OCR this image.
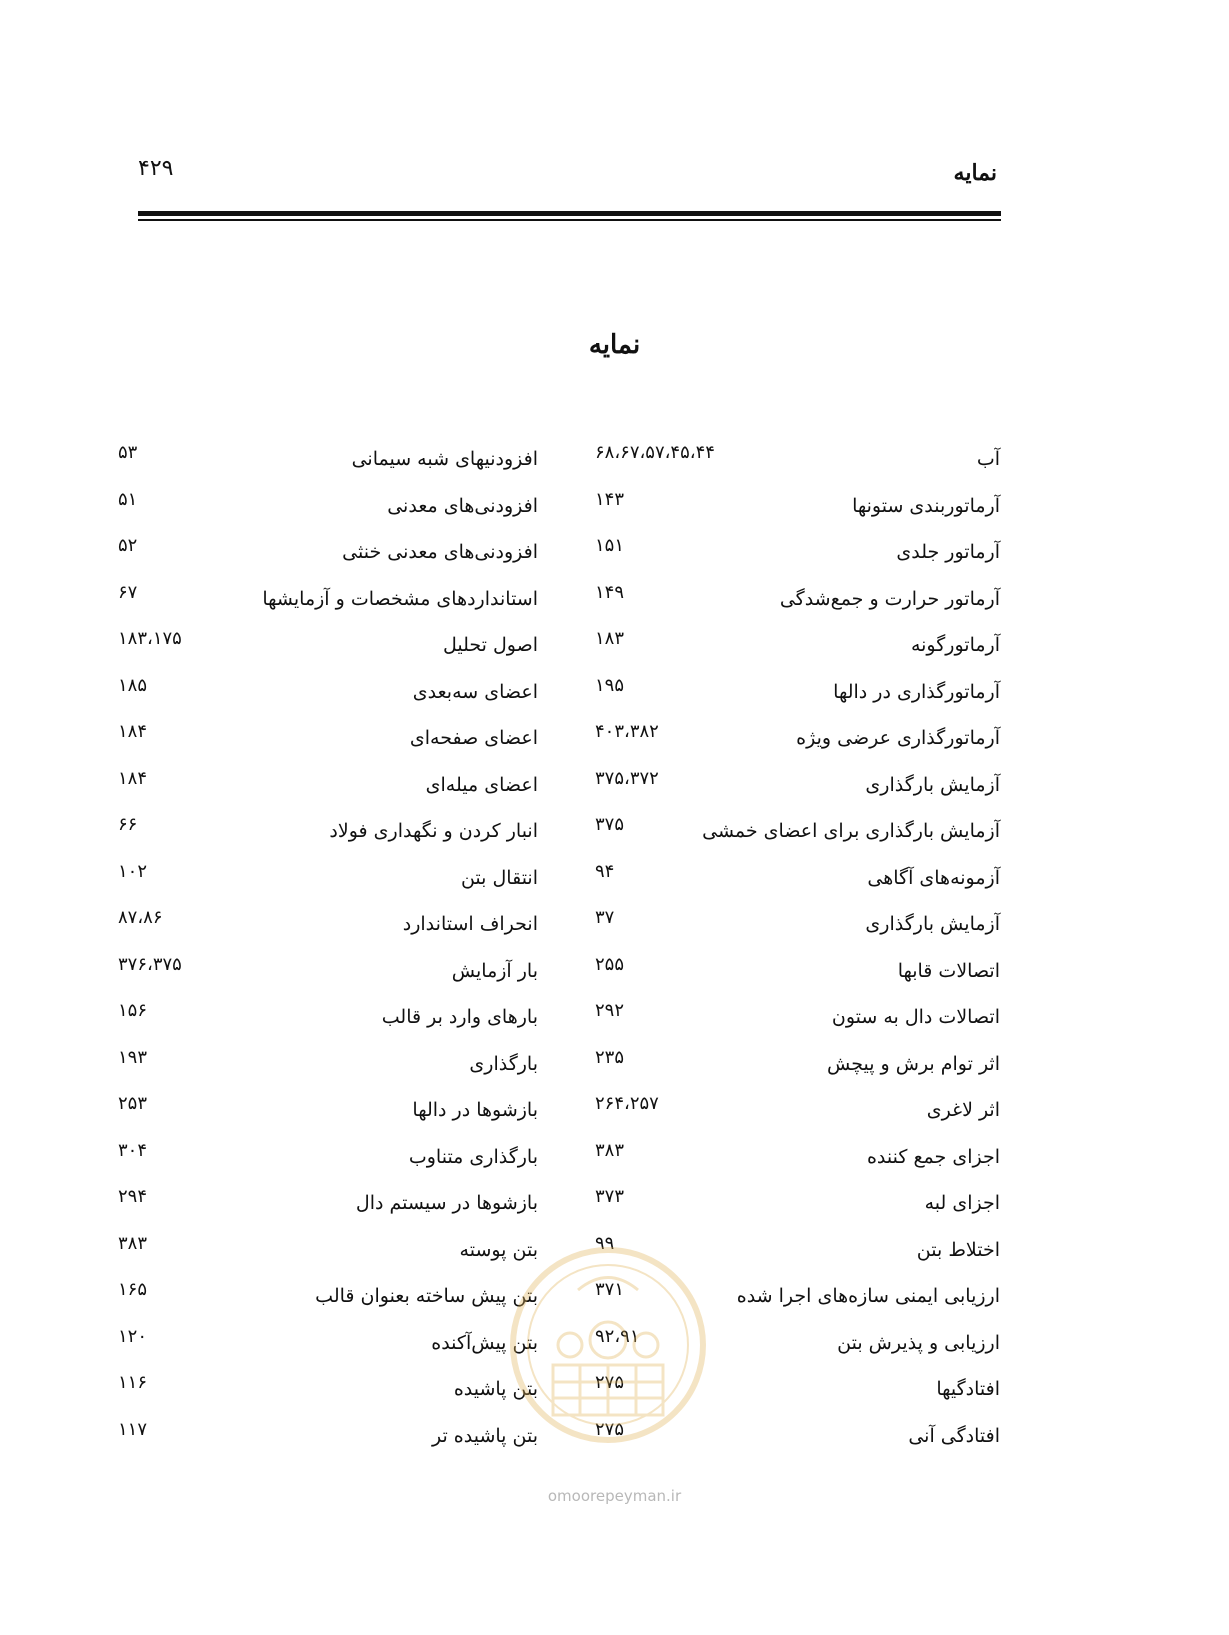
نمایه
۴۲۹
نمایه
آب
۶۸،۶۷،۵۷،۴۵،۴۴
آرماتوربندی ستونها
۱۴۳
آرماتور جلدی
۱۵۱
آرماتور حرارت و جمع‌شدگی
۱۴۹
آرماتورگونه
۱۸۳
آرماتورگذاری در دالها
۱۹۵
آرماتورگذاری عرضی ویژه
۴۰۳،۳۸۲
آزمایش بارگذاری
۳۷۵،۳۷۲
آزمایش بارگذاری برای اعضای خمشی
۳۷۵
آزمونه‌های آگاهی
۹۴
آزمایش بارگذاری
۳۷
اتصالات قابها
۲۵۵
اتصالات دال به ستون
۲۹۲
اثر توام برش و پیچش
۲۳۵
اثر لاغری
۲۶۴،۲۵۷
اجزای جمع کننده
۳۸۳
اجزای لبه
۳۷۳
اختلاط بتن
۹۹
ارزیابی ایمنی سازه‌های اجرا شده
۳۷۱
ارزیابی و پذیرش بتن
۹۲،۹۱
افتادگیها
۲۷۵
افتادگی آنی
۲۷۵
افزودنیهای شبه سیمانی
۵۳
افزودنی‌های معدنی
۵۱
افزودنی‌های معدنی خنثی
۵۲
استانداردهای مشخصات و آزمایشها
۶۷
اصول تحلیل
۱۸۳،۱۷۵
اعضای سه‌بعدی
۱۸۵
اعضای صفحه‌ای
۱۸۴
اعضای میله‌ای
۱۸۴
انبار کردن و نگهداری فولاد
۶۶
انتقال بتن
۱۰۲
انحراف استاندارد
۸۷،۸۶
بار آزمایش
۳۷۶،۳۷۵
بارهای وارد بر قالب
۱۵۶
بارگذاری
۱۹۳
بازشوها در دالها
۲۵۳
بارگذاری متناوب
۳۰۴
بازشوها در سیستم دال
۲۹۴
بتن پوسته
۳۸۳
بتن پیش ساخته بعنوان قالب
۱۶۵
بتن پیش‌آکنده
۱۲۰
بتن پاشیده
۱۱۶
بتن پاشیده تر
۱۱۷
omoorepeyman.ir
